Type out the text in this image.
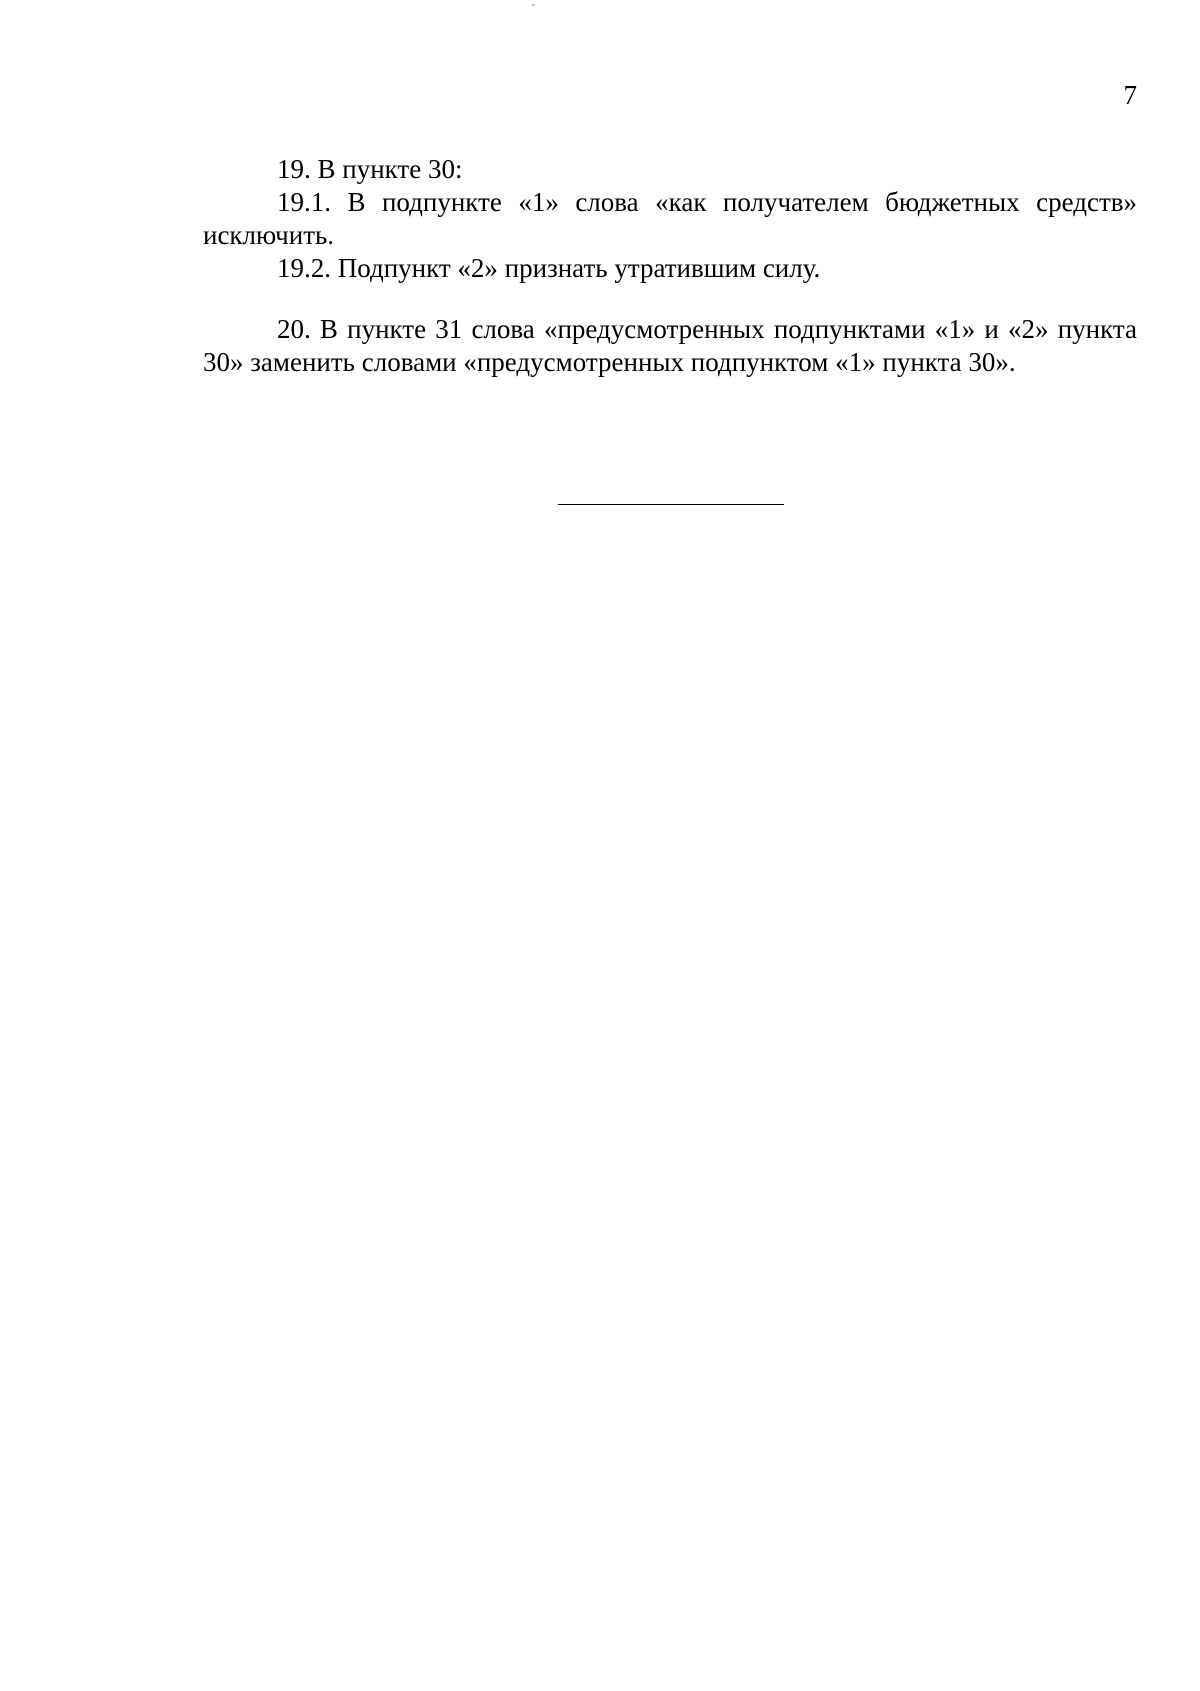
7

19. В пункте 30:

19.1. В подпункте «1» слова «как получателем бюджетных средств» исключить.

19.2. Подпункт «2» признать утратившим силу.

20. В пункте 31 слова «предусмотренных подпунктами «1» и «2» пункта 30» заменить словами «предусмотренных подпунктом «1» пункта 30».
